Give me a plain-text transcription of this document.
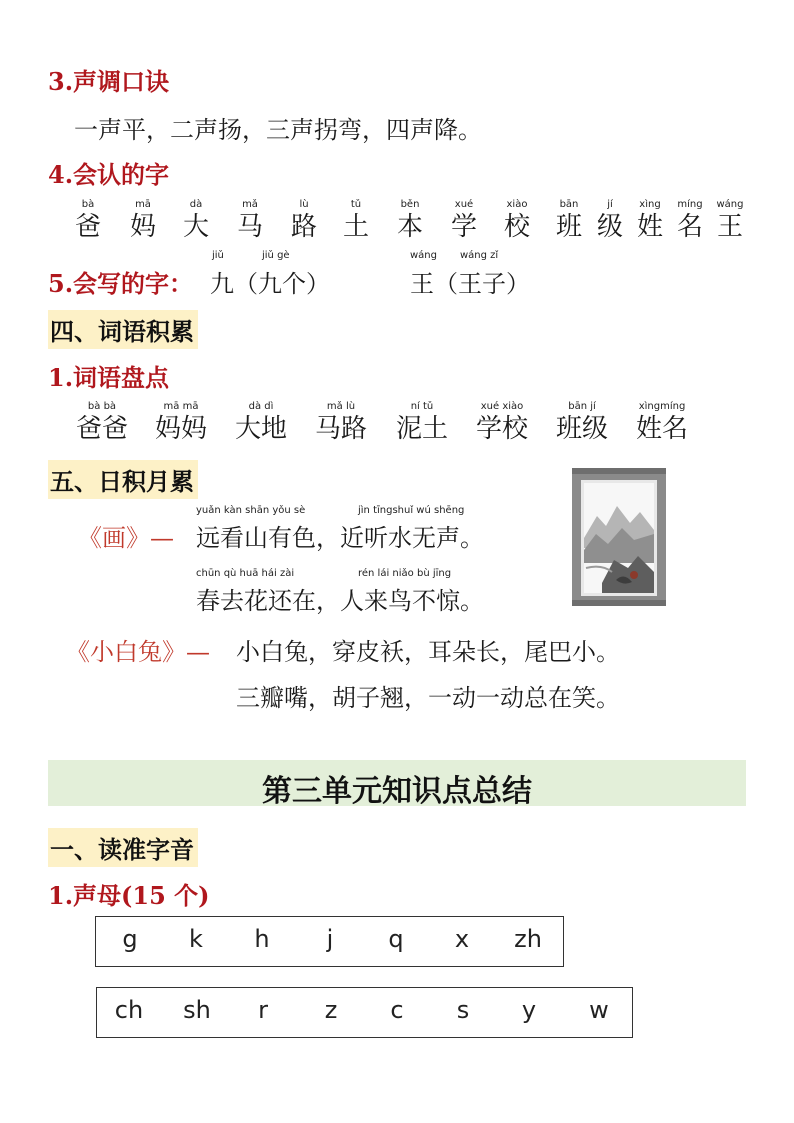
3.声调口诀
一声平，二声扬，三声拐弯，四声降。
4.会认的字
bà
爸
mā
妈
dà
大
mǎ
马
lù
路
tǔ
土
běn
本
xué
学
xiào
校
bān
班
jí
级
xìng
姓
míng
名
wáng
王
5.会写的字：
jiǔ	jiǔ gè
九 （九个）
wáng wáng zǐ
王 （王子）
四、词语积累
1.词语盘点
bà bà
爸爸
mā mā
妈妈
dà dì
大地
mǎ lù
马路
ní tǔ
泥土
xué xiào
学校
bān jí
班级
xìngmíng
姓名
五、日积月累
《画》—
yuǎn kàn shān yǒu sè	jìn tīngshuǐ wú shēng
远看山有色，近听水无声。
chūn qù huā hái zài	rén lái niǎo bù jīng
春去花还在，人来鸟不惊。
《小白兔》— 小白兔，穿皮袄，耳朵长，尾巴小。
三瓣嘴，胡子翘，一动一动总在笑。
第三单元知识点总结
一、读准字音
1.声母(15 个)
g	k	h	j	q	x	zh
ch sh	r	z	c	s	y	w
